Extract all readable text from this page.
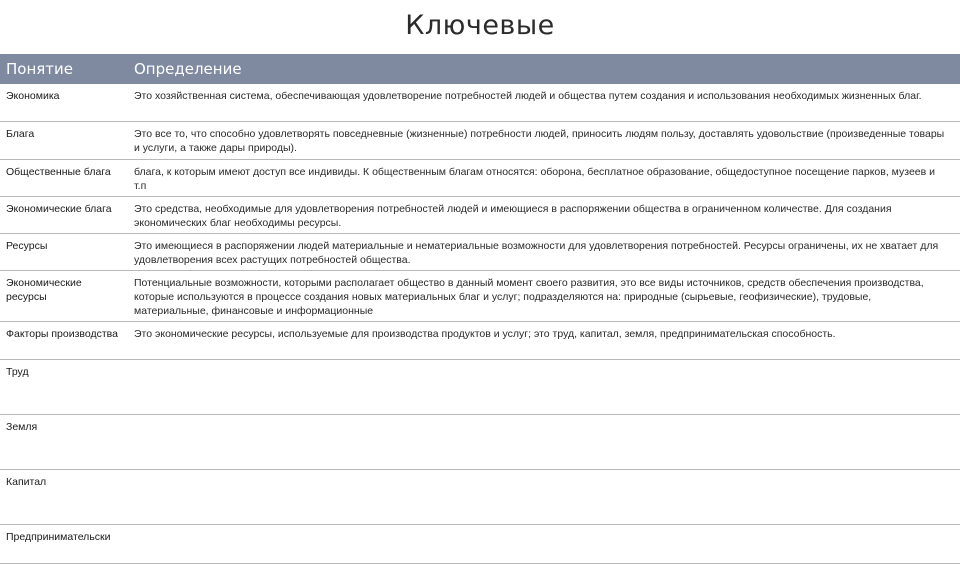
Ключевые
Понятие	Определение
Экономика	Это хозяйственная система, обеспечивающая удовлетворение потребностей людей и общества путем создания и использования необходимых жизненных благ.
Блага	Это все то, что способно удовлетворять повседневные (жизненные) потребности людей, приносить людям пользу, доставлять удовольствие (произведенные товары и услуги, а также дары природы).
Общественные блага	блага, к которым имеют доступ все индивиды. К общественным благам относятся: оборона, бесплатное образование, общедоступное посещение парков, музеев и т.п
Экономические блага	Это средства, необходимые для удовлетворения потребностей людей и имеющиеся в распоряжении общества в ограниченном количестве. Для создания экономических благ необходимы ресурсы.
Ресурсы	Это имеющиеся в распоряжении людей материальные и нематериальные возможности для удовлетворения потребностей. Ресурсы ограничены, их не хватает для удовлетворения всех растущих потребностей общества.
Экономические ресурсы	Потенциальные возможности, которыми располагает общество в данный момент своего развития, это все виды источников, средств обеспечения производства, которые используются в процессе создания новых материальных благ и услуг; подразделяются на: природные (сырьевые, геофизические), трудовые, материальные, финансовые и информационные
Факторы производства	Это экономические ресурсы, используемые для производства продуктов и услуг; это труд, капитал, земля, предпринимательская способность.
Труд	
Земля	
Капитал	
Предпринимательски	
